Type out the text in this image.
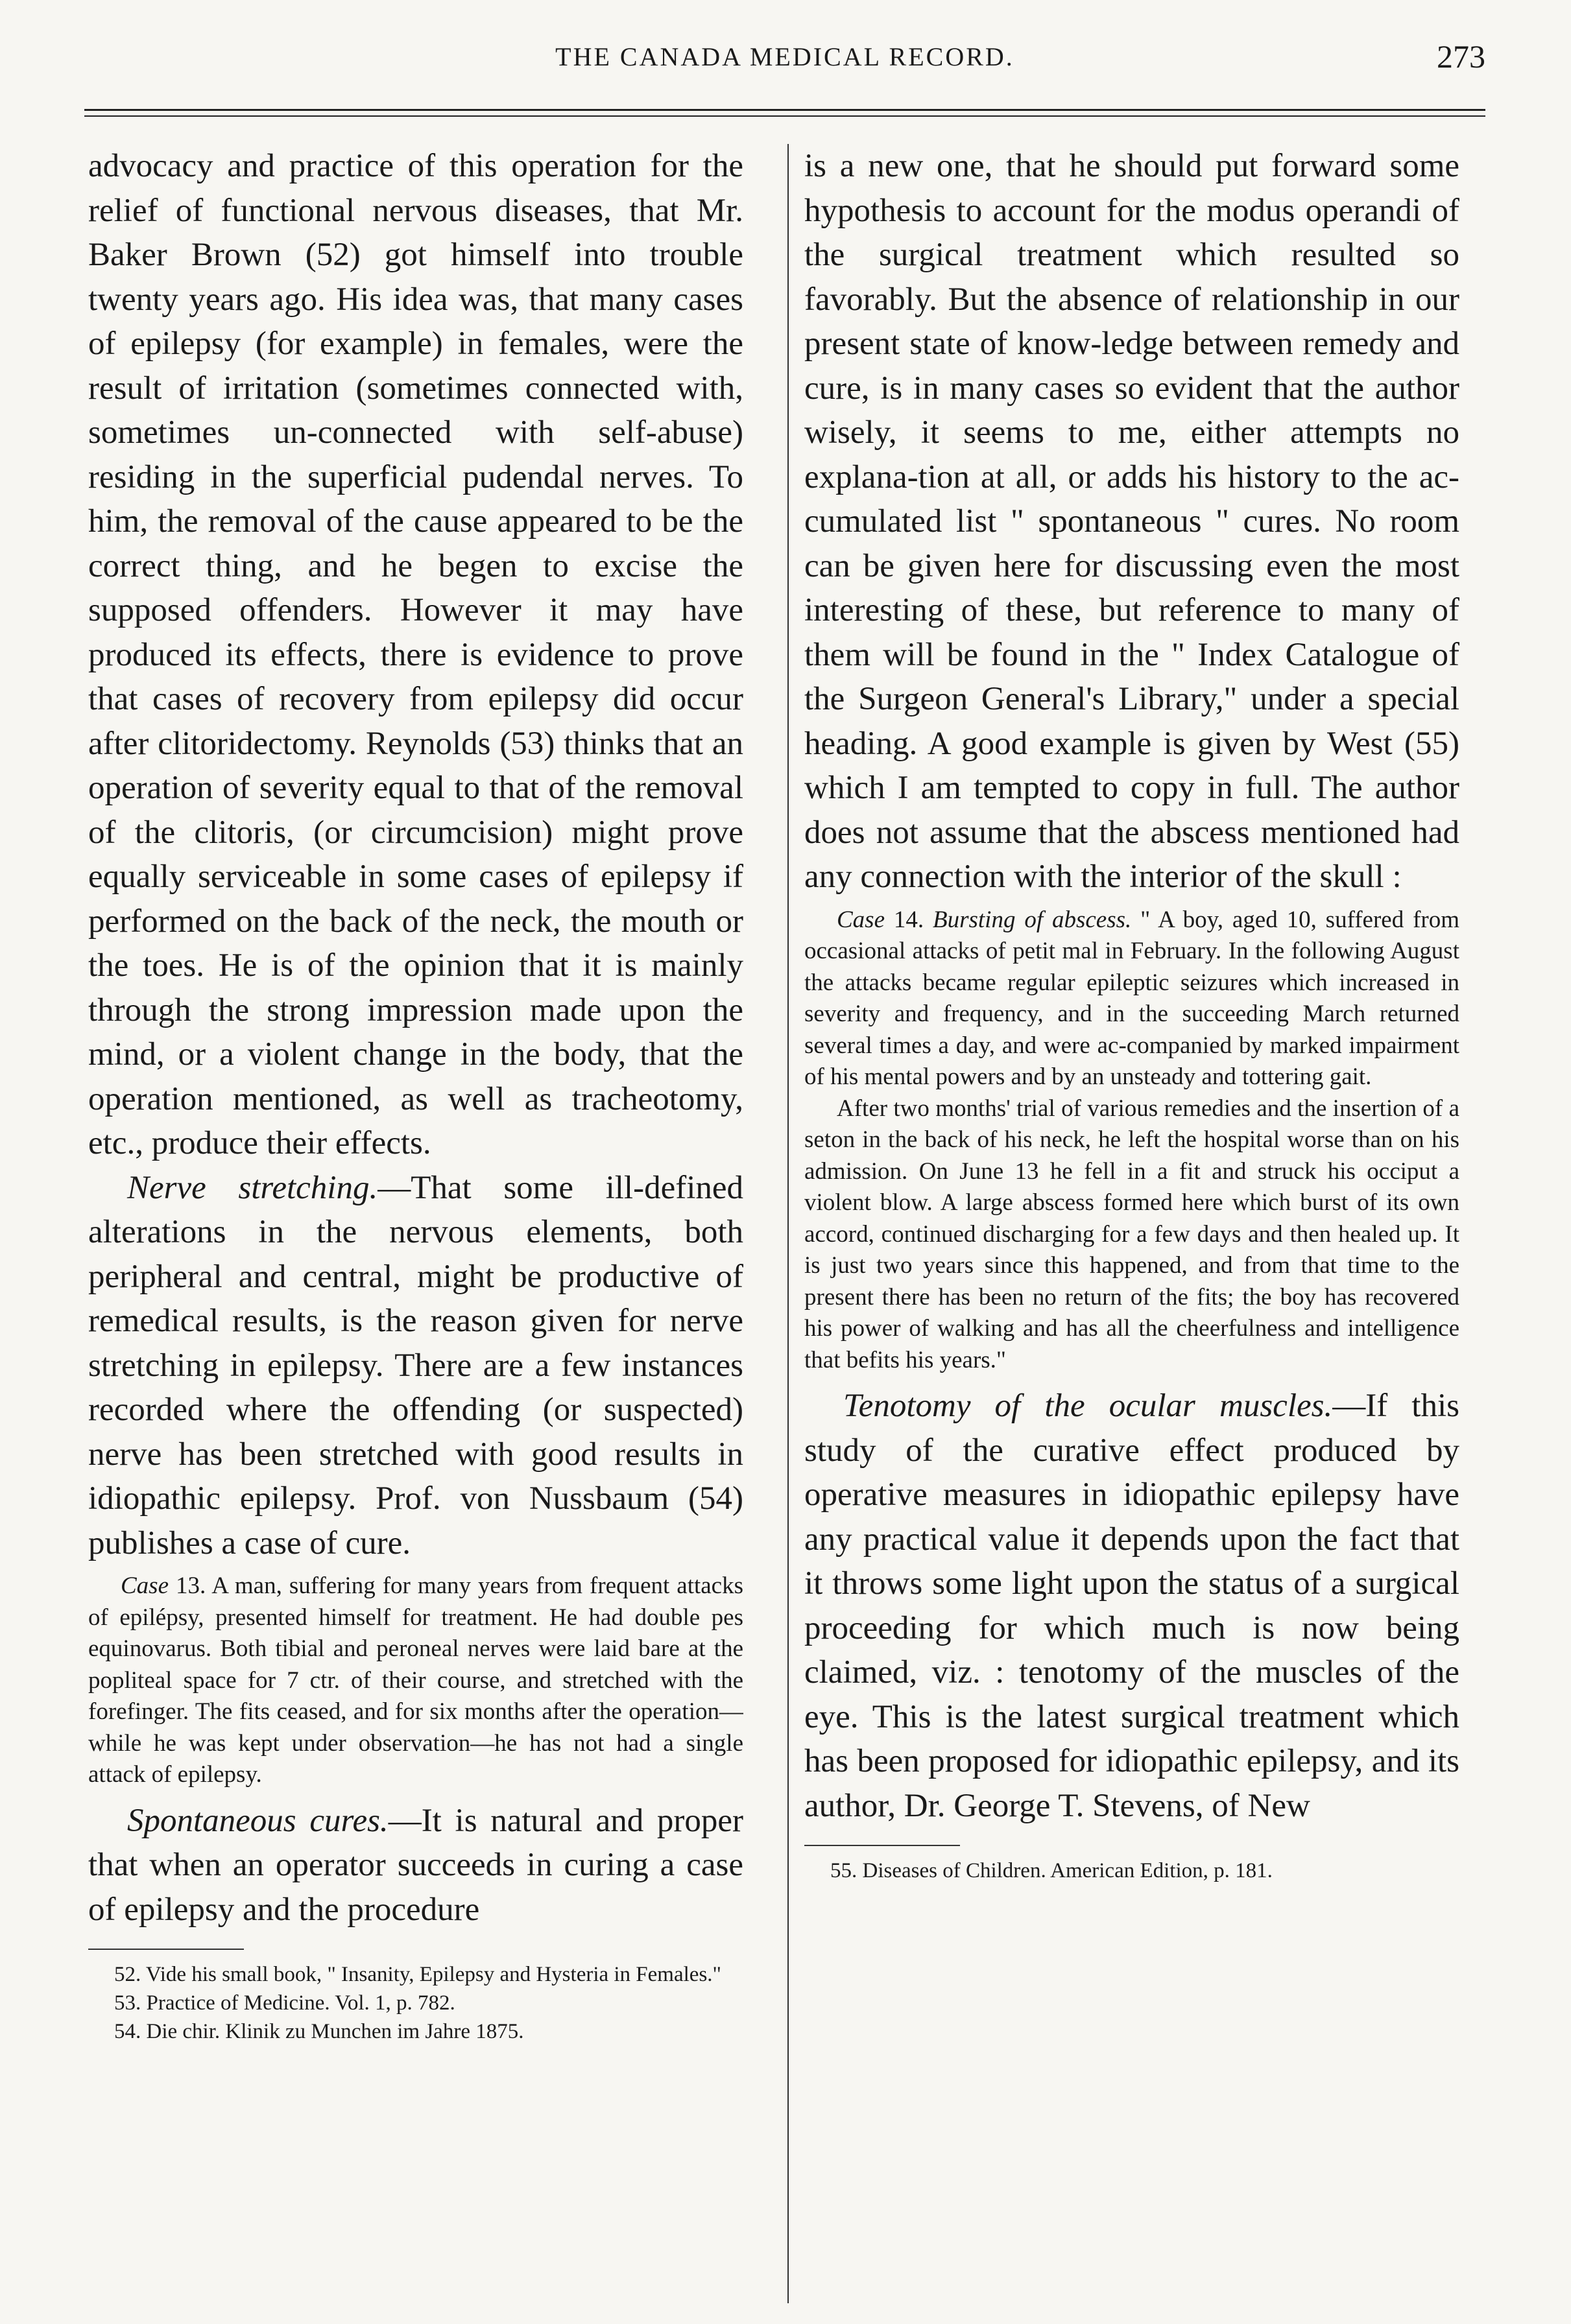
THE CANADA MEDICAL RECORD.	273

advocacy and practice of this operation for the relief of functional nervous diseases, that Mr. Baker Brown (52) got himself into trouble twenty years ago. His idea was, that many cases of epilepsy (for example) in females, were the result of irritation (sometimes connected with, sometimes un-connected with self-abuse) residing in the superficial pudendal nerves. To him, the removal of the cause appeared to be the correct thing, and he begen to excise the supposed offenders. However it may have produced its effects, there is evidence to prove that cases of recovery from epilepsy did occur after clitoridectomy. Reynolds (53) thinks that an operation of severity equal to that of the removal of the clitoris, (or circumcision) might prove equally serviceable in some cases of epilepsy if performed on the back of the neck, the mouth or the toes. He is of the opinion that it is mainly through the strong impression made upon the mind, or a violent change in the body, that the operation mentioned, as well as tracheotomy, etc., produce their effects.

Nerve stretching.—That some ill-defined alterations in the nervous elements, both peripheral and central, might be productive of remedical results, is the reason given for nerve stretching in epilepsy. There are a few instances recorded where the offending (or suspected) nerve has been stretched with good results in idiopathic epilepsy. Prof. von Nussbaum (54) publishes a case of cure.

Case 13. A man, suffering for many years from frequent attacks of epilépsy, presented himself for treatment. He had double pes equinovarus. Both tibial and peroneal nerves were laid bare at the popliteal space for 7 ctr. of their course, and stretched with the forefinger. The fits ceased, and for six months after the operation—while he was kept under observation—he has not had a single attack of epilepsy.

Spontaneous cures.—It is natural and proper that when an operator succeeds in curing a case of epilepsy and the procedure

52. Vide his small book, " Insanity, Epilepsy and Hysteria in Females."

53. Practice of Medicine. Vol. 1, p. 782.

54. Die chir. Klinik zu Munchen im Jahre 1875.

is a new one, that he should put forward some hypothesis to account for the modus operandi of the surgical treatment which resulted so favorably. But the absence of relationship in our present state of know-ledge between remedy and cure, is in many cases so evident that the author wisely, it seems to me, either attempts no explana-tion at all, or adds his history to the ac-cumulated list " spontaneous " cures. No room can be given here for discussing even the most interesting of these, but reference to many of them will be found in the " Index Catalogue of the Surgeon General's Library," under a special heading. A good example is given by West (55) which I am tempted to copy in full. The author does not assume that the abscess mentioned had any connection with the interior of the skull :

Case 14. Bursting of abscess. " A boy, aged 10, suffered from occasional attacks of petit mal in February. In the following August the attacks became regular epileptic seizures which increased in severity and frequency, and in the succeeding March returned several times a day, and were ac-companied by marked impairment of his mental powers and by an unsteady and tottering gait.

After two months' trial of various remedies and the insertion of a seton in the back of his neck, he left the hospital worse than on his admission. On June 13 he fell in a fit and struck his occiput a violent blow. A large abscess formed here which burst of its own accord, continued discharging for a few days and then healed up. It is just two years since this happened, and from that time to the present there has been no return of the fits; the boy has recovered his power of walking and has all the cheerfulness and intelligence that befits his years."

Tenotomy of the ocular muscles.—If this study of the curative effect produced by operative measures in idiopathic epilepsy have any practical value it depends upon the fact that it throws some light upon the status of a surgical proceeding for which much is now being claimed, viz. : tenotomy of the muscles of the eye. This is the latest surgical treatment which has been proposed for idiopathic epilepsy, and its author, Dr. George T. Stevens, of New

55. Diseases of Children. American Edition, p. 181.
